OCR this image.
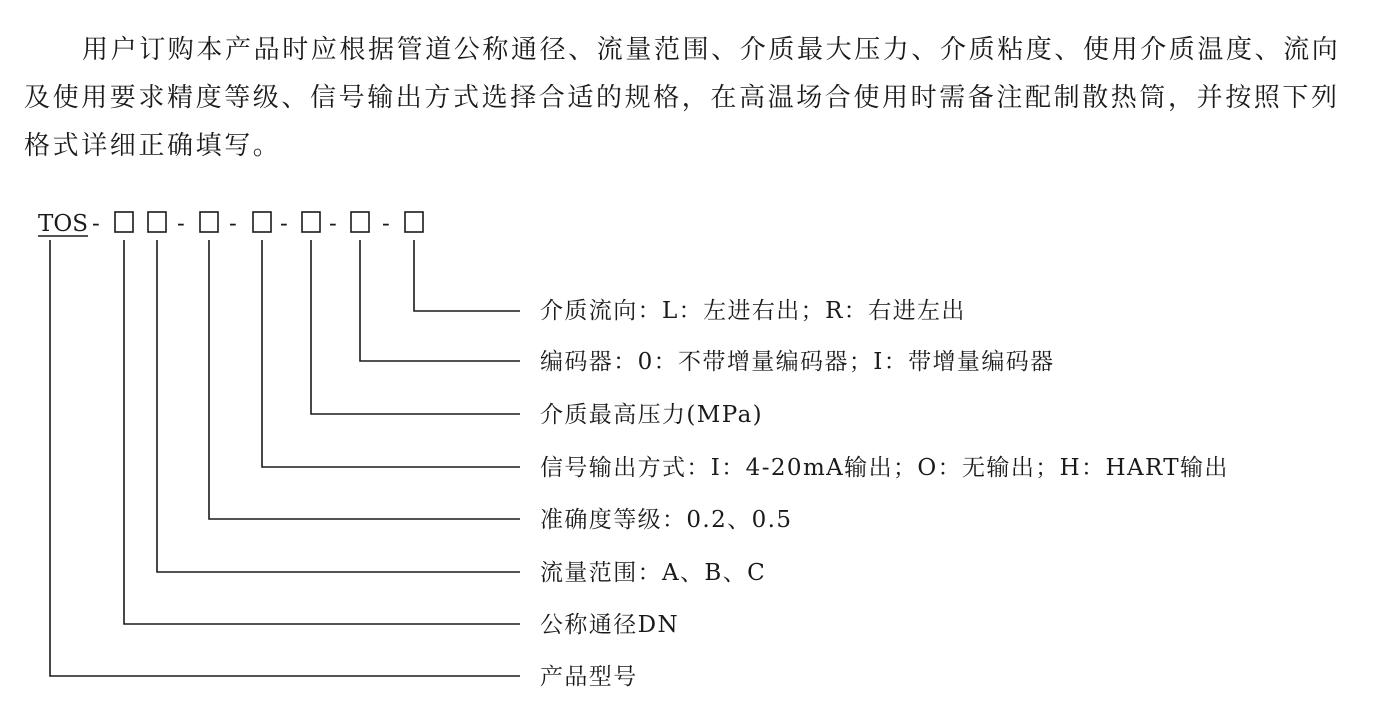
用户订购本产品时应根据管道公称通径、流量范围、介质最大压力、介质粘度、使用介质温度、流向及使用要求精度等级、信号输出方式选择合适的规格，在高温场合使用时需备注配制散热筒，并按照下列格式详细正确填写。

TOS -	- - - - -
介质流向：L：左进右出；R：右进左出
编码器：0：不带增量编码器；I：带增量编码器
介质最高压力(MPa)
信号输出方式：I：4-20mA输出；O：无输出；H：HART输出
准确度等级：0.2、0.5
流量范围：A、B、C
公称通径DN
产品型号
